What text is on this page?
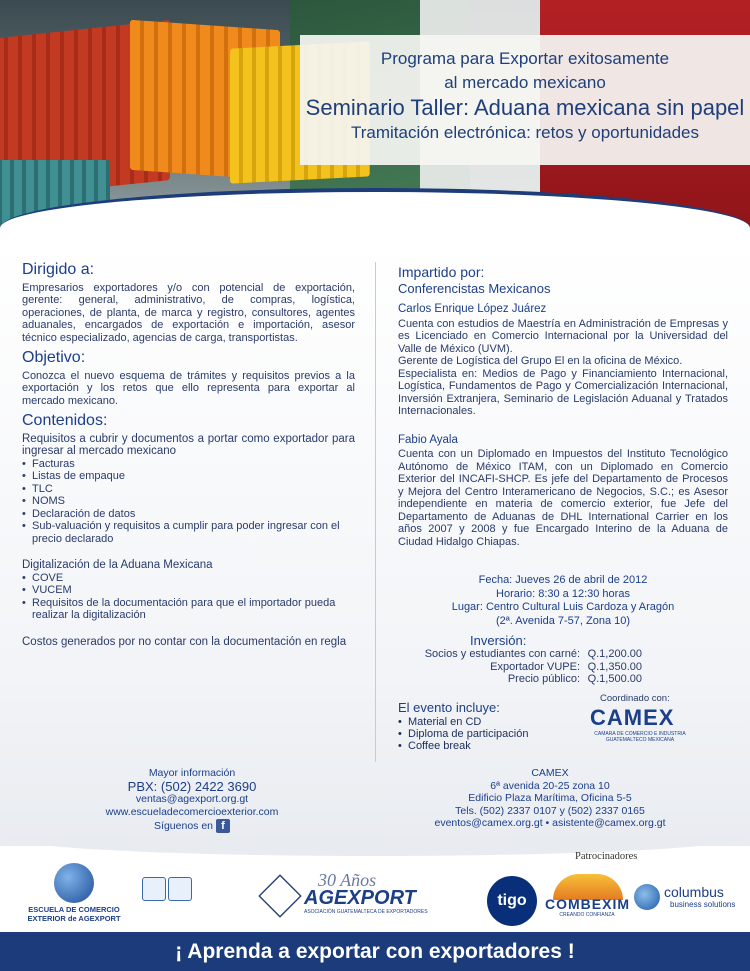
Programa para Exportar exitosamente
al mercado mexicano
Seminario Taller: Aduana mexicana sin papel
Tramitación electrónica: retos y oportunidades
Dirigido a:

Empresarios exportadores y/o con potencial de exportación, gerente: general, administrativo, de compras, logística, operaciones, de planta, de marca y registro, consultores, agentes aduanales, encargados de exportación e importación, asesor técnico especializado, agencias de carga, transportistas.

Objetivo:

Conozca el nuevo esquema de trámites y requisitos previos a la exportación y los retos que ello representa para exportar al mercado mexicano.

Contenidos:

Requisitos a cubrir y documentos a portar como exportador para ingresar al mercado mexicano

• Facturas
• Listas de empaque
• TLC
• NOMS
• Declaración de datos
• Sub-valuación y requisitos a cumplir para poder ingresar con el precio declarado

Digitalización de la Aduana Mexicana

• COVE
• VUCEM
• Requisitos de la documentación para que el importador pueda realizar la digitalización

Costos generados por no contar con la documentación en regla

Impartido por:
Conferencistas Mexicanos
Carlos Enrique López Juárez

Cuenta con estudios de Maestría en Administración de Empresas y es Licenciado en Comercio Internacional por la Universidad del Valle de México (UVM).

Gerente de Logística del Grupo El en la oficina de México.

Especialista en: Medios de Pago y Financiamiento Internacional, Logística, Fundamentos de Pago y Comercialización Internacional, Inversión Extranjera, Seminario de Legislación Aduanal y Tratados Internacionales.

Fabio Ayala

Cuenta con un Diplomado en Impuestos del Instituto Tecnológico Autónomo de México ITAM, con un Diplomado en Comercio Exterior del INCAFI-SHCP. Es jefe del Departamento de Procesos y Mejora del Centro Interamericano de Negocios, S.C.; es Asesor independiente en materia de comercio exterior, fue Jefe del Departamento de Aduanas de DHL International Carrier en los años 2007 y 2008 y fue Encargado Interino de la Aduana de Ciudad Hidalgo Chiapas.

Fecha: Jueves 26 de abril de 2012
Horario: 8:30 a 12:30 horas
Lugar: Centro Cultural Luis Cardoza y Aragón
(2ª. Avenida 7-57, Zona 10)
Inversión:
Socios y estudiantes con carné: Q.1,200.00
Exportador VUPE: Q.1,350.00
Precio público: Q.1,500.00
El evento incluye:
• Material en CD
• Diploma de participación
• Coffee break
Coordinado con:
CAMEX
CAMARA DE COMERCIO E INDUSTRIA GUATEMALTECO MEXICANA
Mayor información
PBX: (502) 2422 3690
ventas@agexport.org.gt
www.escueladecomercioexterior.com
Síguenos en f
CAMEX
6ª avenida 20-25 zona 10
Edificio Plaza Marítima, Oficina 5-5
Tels. (502) 2337 0107 y (502) 2337 0165
eventos@camex.org.gt • asistente@camex.org.gt
Patrocinadores
ESCUELA DE COMERCIO EXTERIOR de AGEXPORT
30 Años
AGEXPORT
ASOCIACIÓN GUATEMALTECA DE EXPORTADORES
tigo	COMBEXIM
CREANDO CONFIANZA
columbus
business solutions
¡ Aprenda a exportar con exportadores !
